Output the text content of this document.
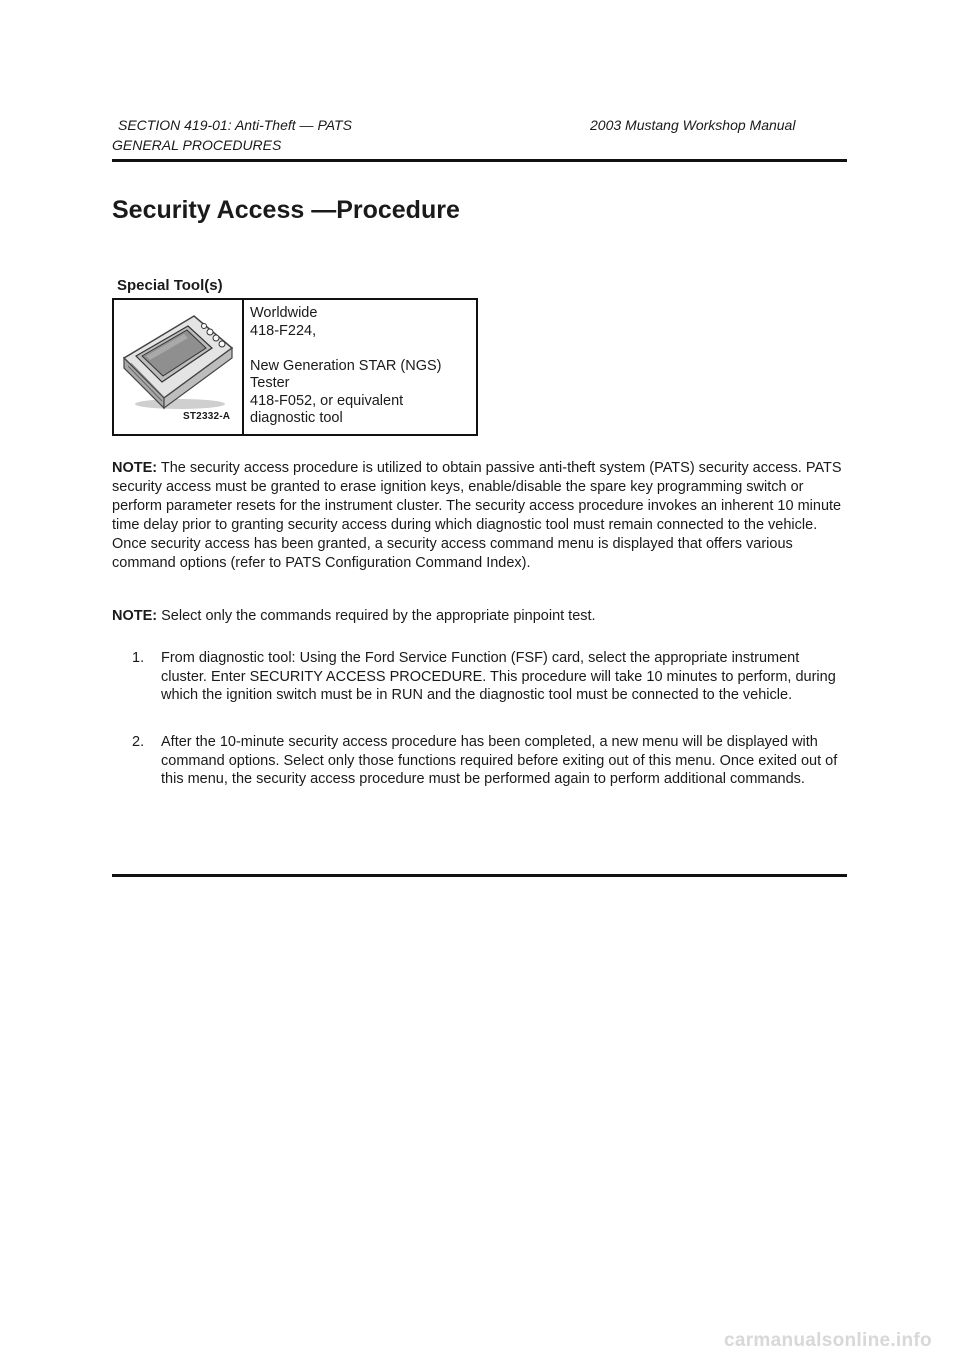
SECTION 419-01: Anti-Theft — PATS	2003 Mustang Workshop Manual

GENERAL PROCEDURES

Security Access —Procedure

Special Tool(s)

ST2332-A
Worldwide
418-F224,
New Generation STAR (NGS)
Tester
418-F052, or equivalent
diagnostic tool

NOTE: The security access procedure is utilized to obtain passive anti-theft system (PATS) security access. PATS security access must be granted to erase ignition keys, enable/disable the spare key programming switch or perform parameter resets for the instrument cluster. The security access procedure invokes an inherent 10 minute time delay prior to granting security access during which diagnostic tool must remain connected to the vehicle. Once security access has been granted, a security access command menu is displayed that offers various command options (refer to PATS Configuration Command Index).

NOTE: Select only the commands required by the appropriate pinpoint test.

1.	From diagnostic tool: Using the Ford Service Function (FSF) card, select the appropriate instrument cluster. Enter SECURITY ACCESS PROCEDURE. This procedure will take 10 minutes to perform, during which the ignition switch must be in RUN and the diagnostic tool must be connected to the vehicle.
2.	After the 10-minute security access procedure has been completed, a new menu will be displayed with command options. Select only those functions required before exiting out of this menu. Once exited out of this menu, the security access procedure must be performed again to perform additional commands.
carmanualsonline.info
